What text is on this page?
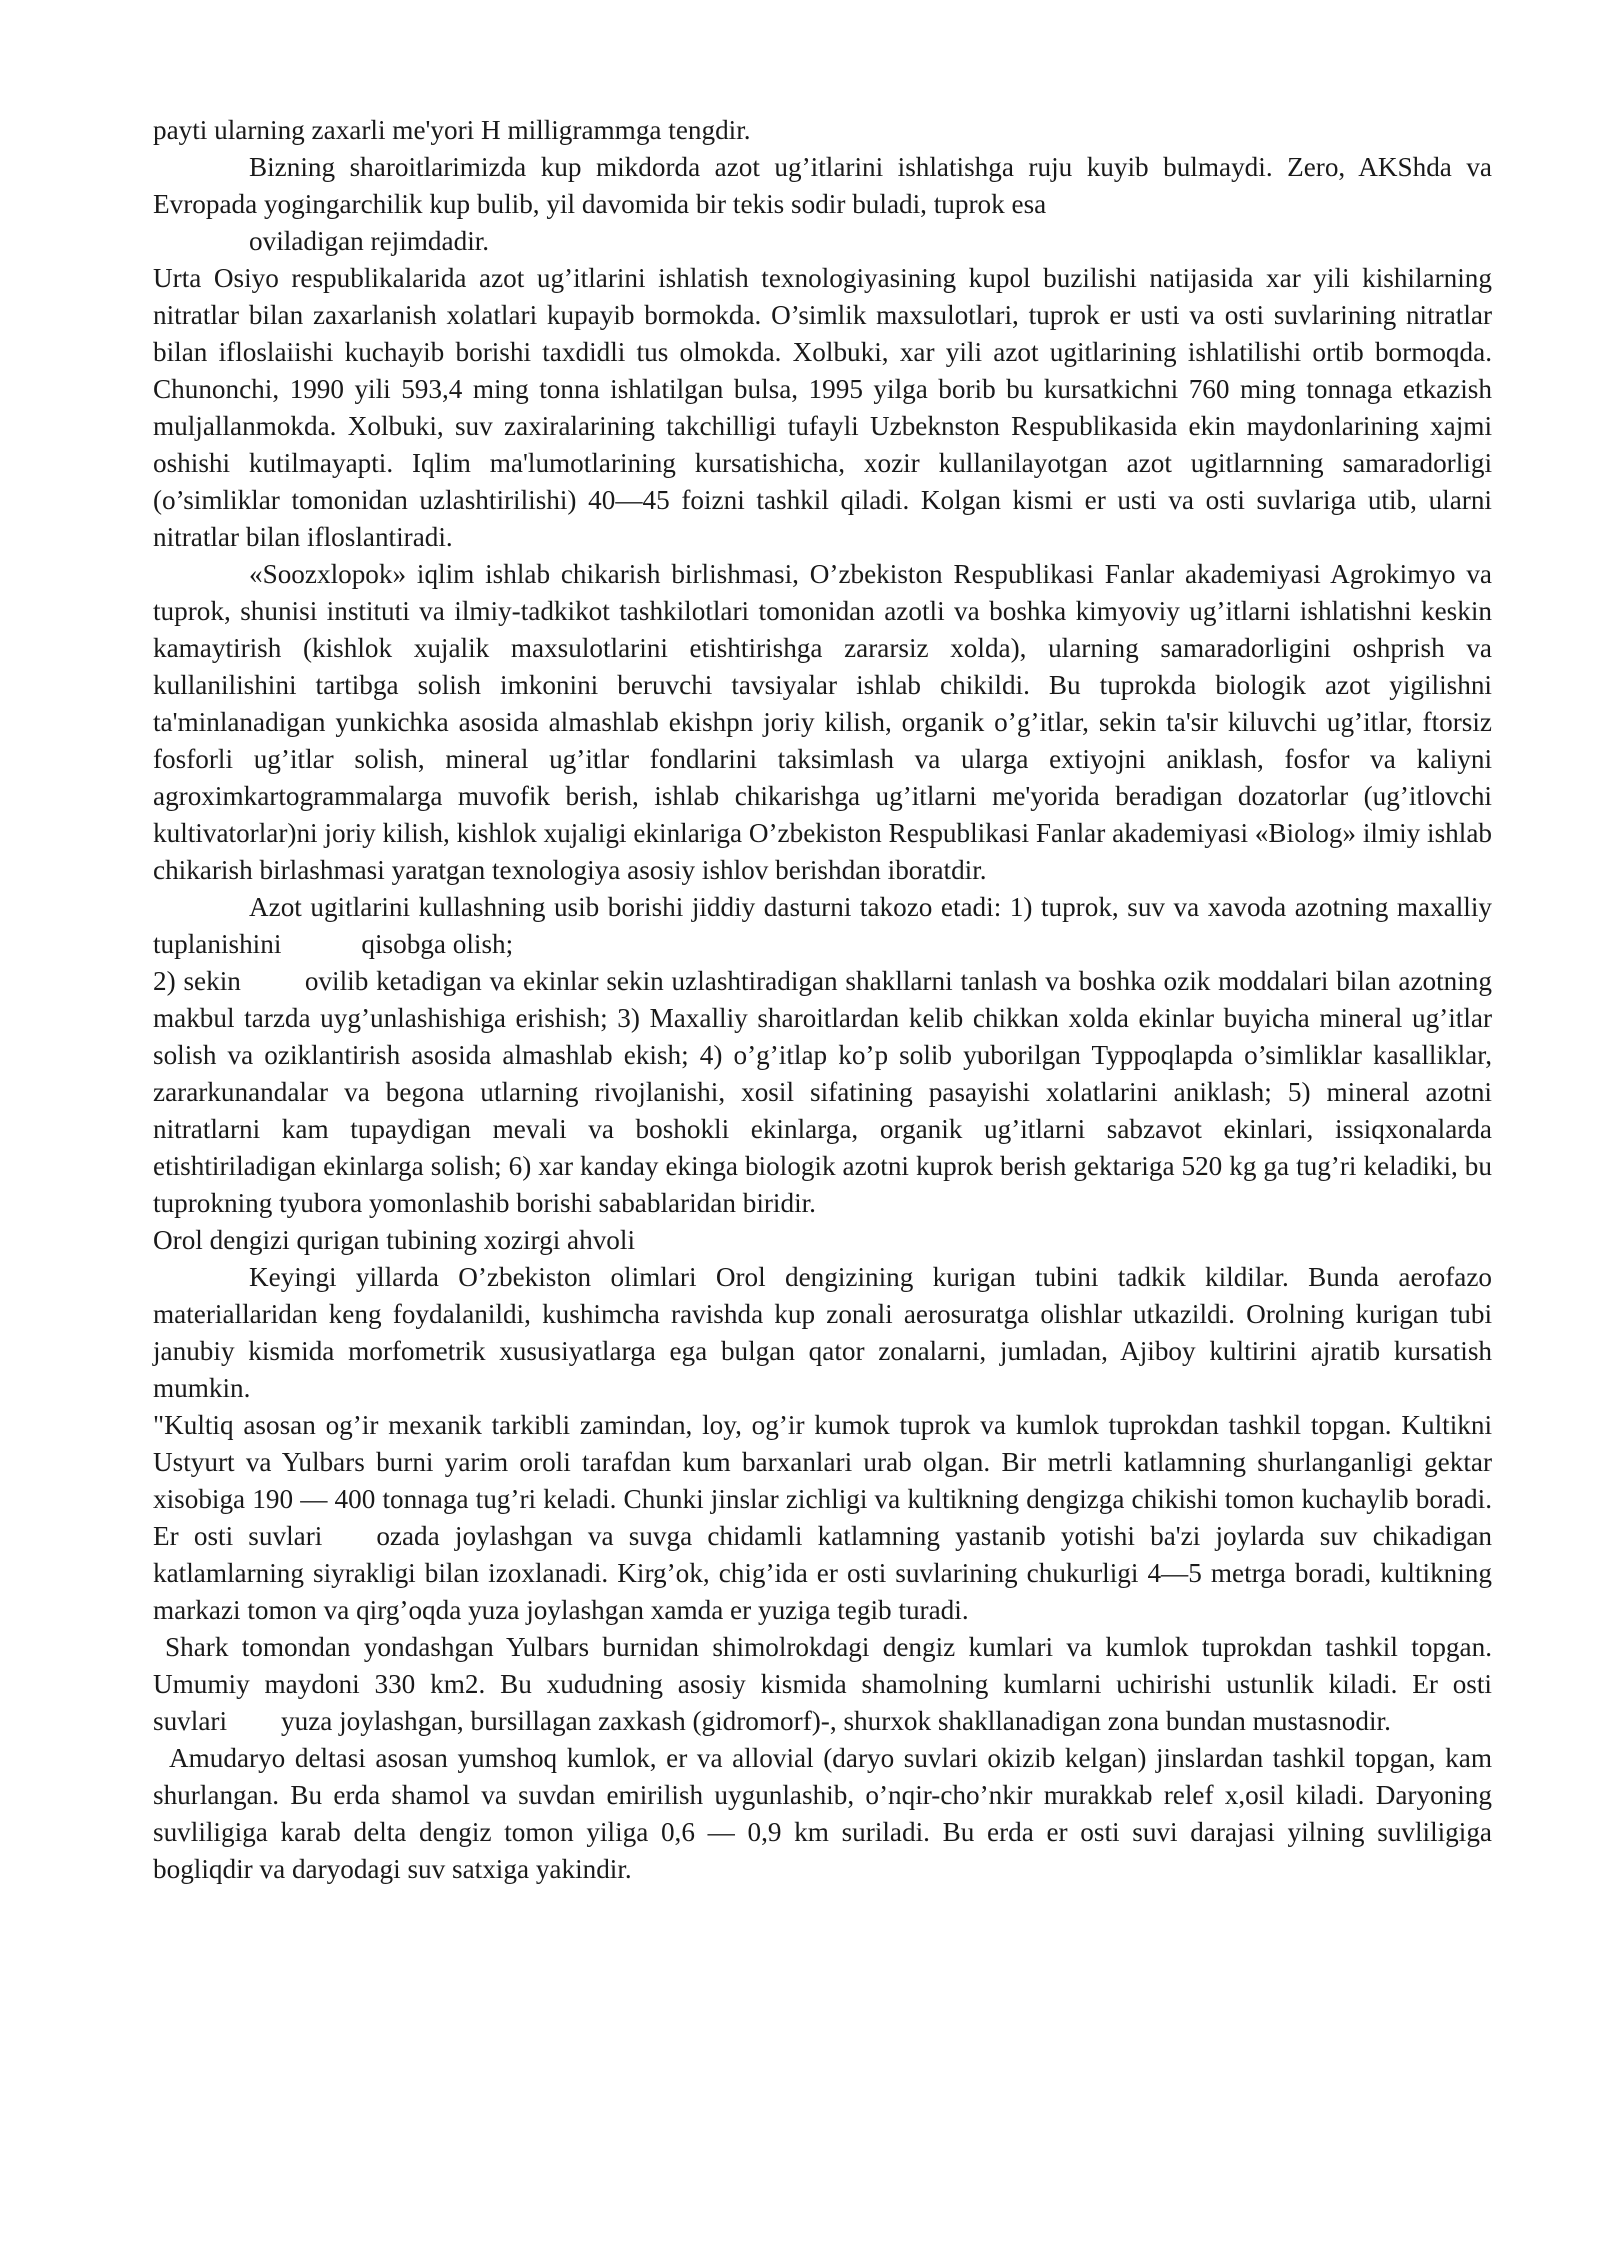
payti ularning zaxarli me'yori H milligrammga tengdir.

Bizning sharoitlarimizda kup mikdorda azot ug’itlarini ishlatishga ruju kuyib bulmaydi. Zero, AKShda va Evropada yogingarchilik kup bulib, yil davomida bir tekis sodir buladi, tuprok esa

oviladigan rejimdadir.

Urta Osiyo respublikalarida azot ug’itlarini ishlatish texnologiyasining kupol buzilishi natijasida xar yili kishilarning nitratlar bilan zaxarlanish xolatlari kupayib bormokda. O’simlik maxsulotlari, tuprok er usti va osti suvlarining nitratlar bilan ifloslaiishi kuchayib borishi taxdidli tus olmokda. Xolbuki, xar yili azot ugitlarining ishlatilishi ortib bormoqda. Chunonchi, 1990 yili 593,4 ming tonna ishlatilgan bulsa, 1995 yilga borib bu kursatkichni 760 ming tonnaga etkazish muljallanmokda. Xolbuki, suv zaxiralarining takchilligi tufayli Uzbeknston Respublikasida ekin maydonlarining xajmi oshishi kutilmayapti. Iqlim ma'lumotlarining kursatishicha, xozir kullanilayotgan azot ugitlarnning samaradorligi (o’simliklar tomonidan uzlashtirilishi) 40—45 foizni tashkil qiladi. Kolgan kismi er usti va osti suvlariga utib, ularni nitratlar bilan ifloslantiradi.

«Soozxlopok» iqlim ishlab chikarish birlishmasi, O’zbekiston Respublikasi Fanlar akademiyasi Agrokimyo va tuprok, shunisi instituti va ilmiy-tadkikot tashkilotlari tomonidan azotli va boshka kimyoviy ug’itlarni ishlatishni keskin kamaytirish (kishlok xujalik maxsulotlarini etishtirishga zararsiz xolda), ularning samaradorligini oshprish va kullanilishini tartibga solish imkonini beruvchi tavsiyalar ishlab chikildi. Bu tuprokda biologik azot yigilishni ta'minlanadigan yunkichka asosida almashlab ekishpn joriy kilish, organik o’g’itlar, sekin ta'sir kiluvchi ug’itlar, ftorsiz fosforli ug’itlar solish, mineral ug’itlar fondlarini taksimlash va ularga extiyojni aniklash, fosfor va kaliyni agroximkartogrammalarga muvofik berish, ishlab chikarishga ug’itlarni me'yorida beradigan dozatorlar (ug’itlovchi kultivatorlar)ni joriy kilish, kishlok xujaligi ekinlariga O’zbekiston Respublikasi Fanlar akademiyasi «Biolog» ilmiy ishlab chikarish birlashmasi yaratgan texnologiya asosiy ishlov berishdan iboratdir.

Azot ugitlarini kullashning usib borishi jiddiy dasturni takozo etadi: 1) tuprok, suv va xavoda azotning maxalliy tuplanishini	qisobga olish;

2) sekin ovilib ketadigan va ekinlar sekin uzlashtiradigan shakllarni tanlash va boshka ozik moddalari bilan azotning makbul tarzda uyg’unlashishiga erishish; 3) Maxalliy sharoitlardan kelib chikkan xolda ekinlar buyicha mineral ug’itlar solish va oziklantirish asosida almashlab ekish; 4) o’g’itlap ko’p solib yuborilgan Typpoqlapda o’simliklar kasalliklar, zararkunandalar va begona utlarning rivojlanishi, xosil sifatining pasayishi xolatlarini aniklash; 5) mineral azotni nitratlarni kam tupaydigan mevali va boshokli ekinlarga, organik ug’itlarni sabzavot ekinlari, issiqxonalarda etishtiriladigan ekinlarga solish; 6) xar kanday ekinga biologik azotni kuprok berish gektariga 520 kg ga tug’ri keladiki, bu tuprokning tyubora yomonlashib borishi sabablaridan biridir.

Orol dengizi qurigan tubining xozirgi ahvoli

Keyingi yillarda O’zbekiston olimlari Orol dengizining kurigan tubini tadkik kildilar. Bunda aerofazo materiallaridan keng foydalanildi, kushimcha ravishda kup zonali aerosuratga olishlar utkazildi. Orolning kurigan tubi janubiy kismida morfometrik xususiyatlarga ega bulgan qator zonalarni, jumladan, Ajiboy kultirini ajratib kursatish mumkin.

"Kultiq asosan og’ir mexanik tarkibli zamindan, loy, og’ir kumok tuprok va kumlok tuprokdan tashkil topgan. Kultikni Ustyurt va Yulbars burni yarim oroli tarafdan kum barxanlari urab olgan. Bir metrli katlamning shurlanganligi gektar xisobiga 190 — 400 tonnaga tug’ri keladi. Chunki jinslar zichligi va kultikning dengizga chikishi tomon kuchaylib boradi. Er osti suvlari ozada joylashgan va suvga chidamli katlamning yastanib yotishi ba'zi joylarda suv chikadigan katlamlarning siyrakligi bilan izoxlanadi. Kirg’ok, chig’ida er osti suvlarining chukurligi 4—5 metrga boradi, kultikning markazi tomon va qirg’oqda yuza joylashgan xamda er yuziga tegib turadi.

Shark tomondan yondashgan Yulbars burnidan shimolrokdagi dengiz kumlari va kumlok tuprokdan tashkil topgan. Umumiy maydoni 330 km2. Bu xududning asosiy kismida shamolning kumlarni uchirishi ustunlik kiladi. Er osti suvlari yuza joylashgan, bursillagan zaxkash (gidromorf)-, shurxok shakllanadigan zona bundan mustasnodir.

Amudaryo deltasi asosan yumshoq kumlok, er va allovial (daryo suvlari okizib kelgan) jinslardan tashkil topgan, kam shurlangan. Bu erda shamol va suvdan emirilish uygunlashib, o’nqir-cho’nkir murakkab relef x,osil kiladi. Daryoning suvliligiga karab delta dengiz tomon yiliga 0,6 — 0,9 km suriladi. Bu erda er osti suvi darajasi yilning suvliligiga bogliqdir va daryodagi suv satxiga yakindir.
